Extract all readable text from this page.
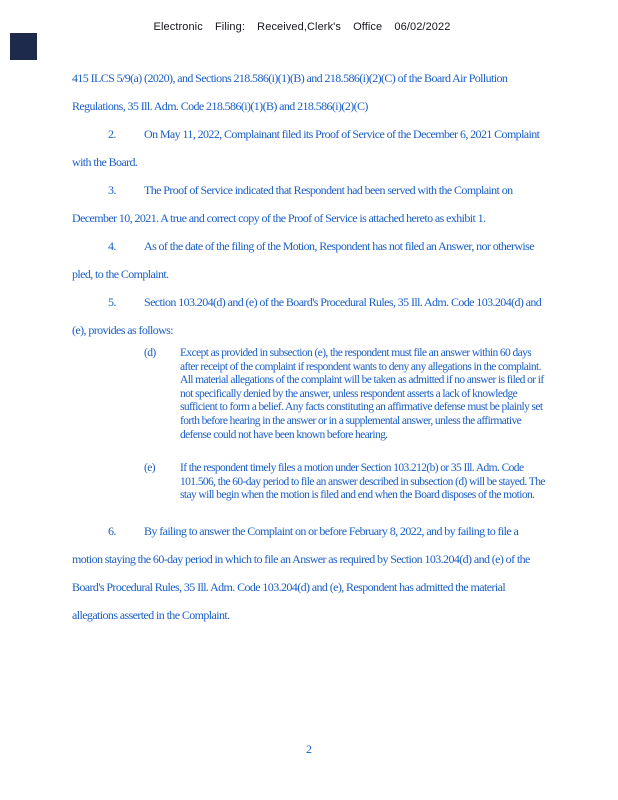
Electronic Filing: Received,Clerk's Office 06/02/2022

415 ILCS 5/9(a) (2020), and Sections 218.586(i)(1)(B) and 218.586(i)(2)(C) of the Board Air Pollution Regulations, 35 Ill. Adm. Code 218.586(i)(1)(B) and 218.586(i)(2)(C)

2. On May 11, 2022, Complainant filed its Proof of Service of the December 6, 2021 Complaint with the Board.

3. The Proof of Service indicated that Respondent had been served with the Complaint on December 10, 2021. A true and correct copy of the Proof of Service is attached hereto as exhibit 1.

4. As of the date of the filing of the Motion, Respondent has not filed an Answer, nor otherwise pled, to the Complaint.

5. Section 103.204(d) and (e) of the Board's Procedural Rules, 35 Ill. Adm. Code 103.204(d) and (e), provides as follows:

(d) Except as provided in subsection (e), the respondent must file an answer within 60 days after receipt of the complaint if respondent wants to deny any allegations in the complaint. All material allegations of the complaint will be taken as admitted if no answer is filed or if not specifically denied by the answer, unless respondent asserts a lack of knowledge sufficient to form a belief. Any facts constituting an affirmative defense must be plainly set forth before hearing in the answer or in a supplemental answer, unless the affirmative defense could not have been known before hearing.
(e) If the respondent timely files a motion under Section 103.212(b) or 35 Ill. Adm. Code 101.506, the 60-day period to file an answer described in subsection (d) will be stayed. The stay will begin when the motion is filed and end when the Board disposes of the motion.

6. By failing to answer the Complaint on or before February 8, 2022, and by failing to file a motion staying the 60-day period in which to file an Answer as required by Section 103.204(d) and (e) of the Board's Procedural Rules, 35 Ill. Adm. Code 103.204(d) and (e), Respondent has admitted the material allegations asserted in the Complaint.

2
